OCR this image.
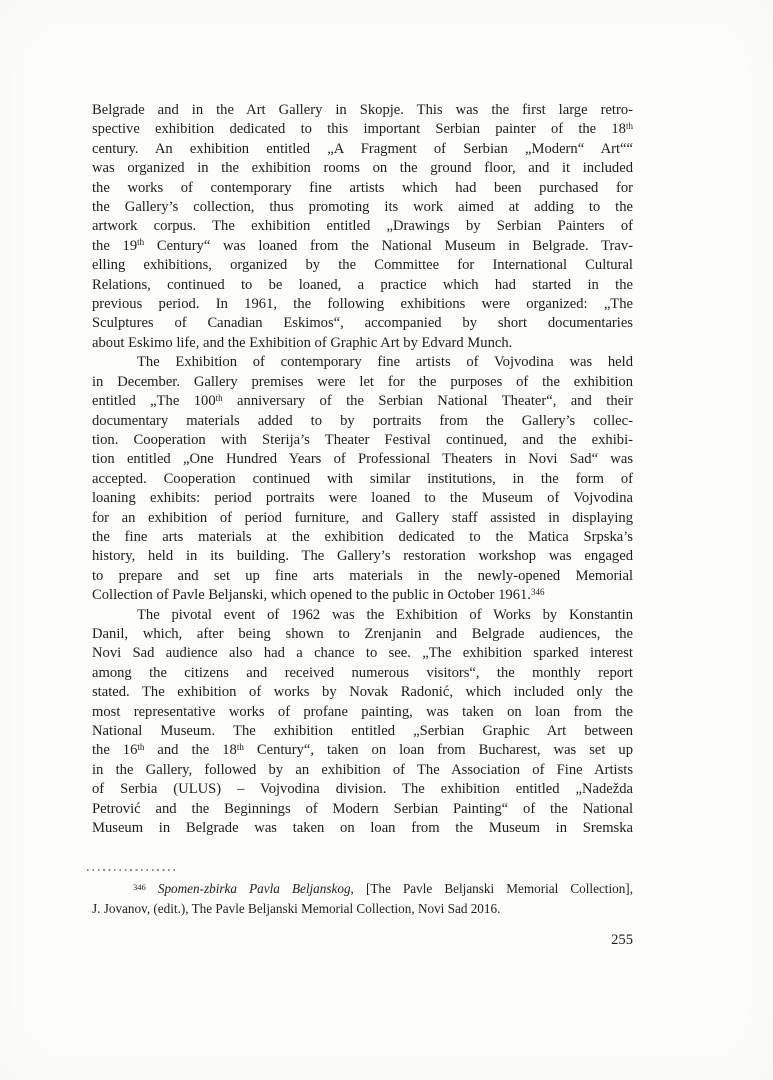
Belgrade and in the Art Gallery in Skopje. This was the first large retro-
spective exhibition dedicated to this important Serbian painter of the 18th
century. An exhibition entitled „A Fragment of Serbian „Modern“ Art““
was organized in the exhibition rooms on the ground floor, and it included
the works of contemporary fine artists which had been purchased for
the Gallery’s collection, thus promoting its work aimed at adding to the
artwork corpus. The exhibition entitled „Drawings by Serbian Painters of
the 19th Century“ was loaned from the National Museum in Belgrade. Trav-
elling exhibitions, organized by the Committee for International Cultural
Relations, continued to be loaned, a practice which had started in the
previous period. In 1961, the following exhibitions were organized: „The
Sculptures of Canadian Eskimos“, accompanied by short documentaries
about Eskimo life, and the Exhibition of Graphic Art by Edvard Munch.
The Exhibition of contemporary fine artists of Vojvodina was held
in December. Gallery premises were let for the purposes of the exhibition
entitled „The 100th anniversary of the Serbian National Theater“, and their
documentary materials added to by portraits from the Gallery’s collec-
tion. Cooperation with Sterija’s Theater Festival continued, and the exhibi-
tion entitled „One Hundred Years of Professional Theaters in Novi Sad“ was
accepted. Cooperation continued with similar institutions, in the form of
loaning exhibits: period portraits were loaned to the Museum of Vojvodina
for an exhibition of period furniture, and Gallery staff assisted in displaying
the fine arts materials at the exhibition dedicated to the Matica Srpska’s
history, held in its building. The Gallery’s restoration workshop was engaged
to prepare and set up fine arts materials in the newly-opened Memorial
Collection of Pavle Beljanski, which opened to the public in October 1961.$^{346}$
The pivotal event of 1962 was the Exhibition of Works by Konstantin
Danil, which, after being shown to Zrenjanin and Belgrade audiences, the
Novi Sad audience also had a chance to see. „The exhibition sparked interest
among the citizens and received numerous visitors“, the monthly report
stated. The exhibition of works by Novak Radonić, which included only the
most representative works of profane painting, was taken on loan from the
National Museum. The exhibition entitled „Serbian Graphic Art between
the 16th and the 18th Century“, taken on loan from Bucharest, was set up
in the Gallery, followed by an exhibition of The Association of Fine Artists
of Serbia (ULUS) – Vojvodina division. The exhibition entitled „Nadežda
Petrović and the Beginnings of Modern Serbian Painting“ of the National
Museum in Belgrade was taken on loan from the Museum in Sremska
$^{346}$ Spomen-zbirka Pavla Beljanskog, [The Pavle Beljanski Memorial Collection],
J. Jovanov, (edit.), The Pavle Beljanski Memorial Collection, Novi Sad 2016.
255
